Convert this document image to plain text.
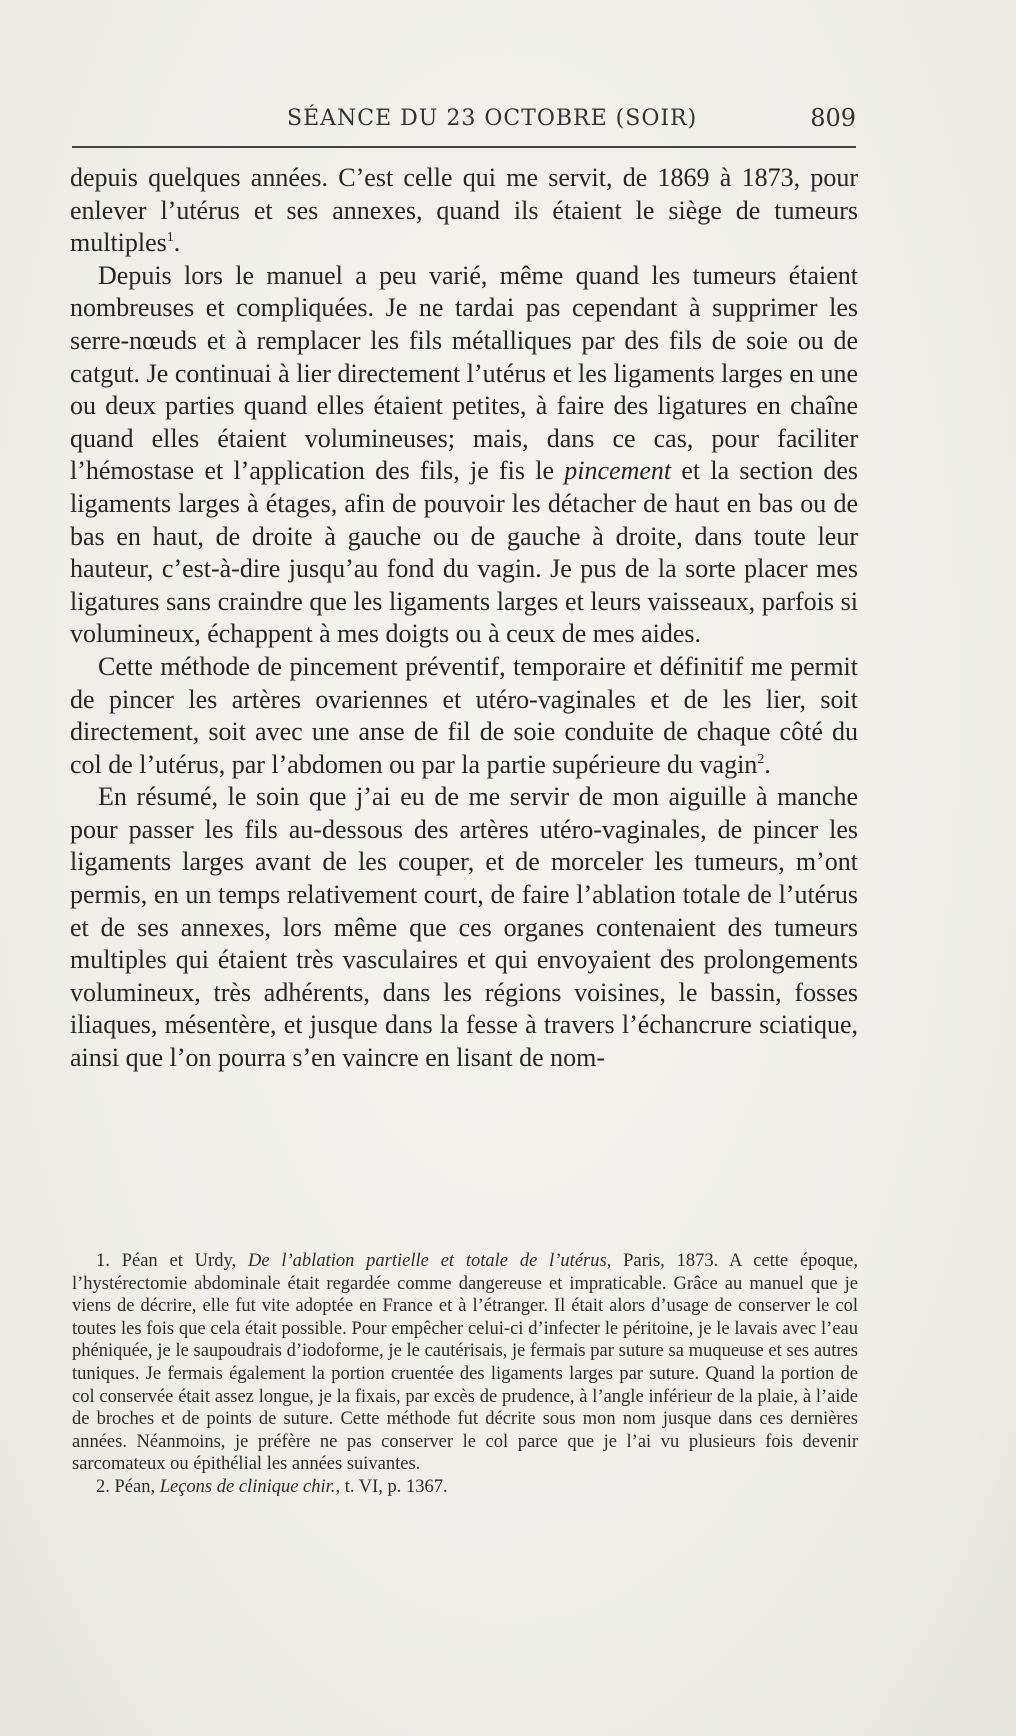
SÉANCE DU 23 OCTOBRE (SOIR)	809

depuis quelques années. C’est celle qui me servit, de 1869 à 1873, pour enlever l’utérus et ses annexes, quand ils étaient le siège de tumeurs multiples$^1$.

Depuis lors le manuel a peu varié, même quand les tumeurs étaient nombreuses et compliquées. Je ne tardai pas cependant à supprimer les serre-nœuds et à remplacer les fils métalliques par des fils de soie ou de catgut. Je continuai à lier directement l’utérus et les ligaments larges en une ou deux parties quand elles étaient petites, à faire des ligatures en chaîne quand elles étaient volumineuses; mais, dans ce cas, pour faciliter l’hémostase et l’application des fils, je fis le pincement et la section des ligaments larges à étages, afin de pouvoir les détacher de haut en bas ou de bas en haut, de droite à gauche ou de gauche à droite, dans toute leur hauteur, c’est-à-dire jusqu’au fond du vagin. Je pus de la sorte placer mes ligatures sans craindre que les ligaments larges et leurs vaisseaux, parfois si volumineux, échappent à mes doigts ou à ceux de mes aides.

Cette méthode de pincement préventif, temporaire et définitif me permit de pincer les artères ovariennes et utéro-vaginales et de les lier, soit directement, soit avec une anse de fil de soie conduite de chaque côté du col de l’utérus, par l’abdomen ou par la partie supérieure du vagin$^2$.

En résumé, le soin que j’ai eu de me servir de mon aiguille à manche pour passer les fils au-dessous des artères utéro-vaginales, de pincer les ligaments larges avant de les couper, et de morceler les tumeurs, m’ont permis, en un temps relativement court, de faire l’ablation totale de l’utérus et de ses annexes, lors même que ces organes contenaient des tumeurs multiples qui étaient très vasculaires et qui envoyaient des prolongements volumineux, très adhérents, dans les régions voisines, le bassin, fosses iliaques, mésentère, et jusque dans la fesse à travers l’échancrure sciatique, ainsi que l’on pourra s’en vaincre en lisant de nom-

1. Péan et Urdy, De l’ablation partielle et totale de l’utérus, Paris, 1873. A cette époque, l’hystérectomie abdominale était regardée comme dangereuse et impraticable. Grâce au manuel que je viens de décrire, elle fut vite adoptée en France et à l’étranger. Il était alors d’usage de conserver le col toutes les fois que cela était possible. Pour empêcher celui-ci d’infecter le péritoine, je le lavais avec l’eau phéniquée, je le saupoudrais d’iodoforme, je le cautérisais, je fermais par suture sa muqueuse et ses autres tuniques. Je fermais également la portion cruentée des ligaments larges par suture. Quand la portion de col conservée était assez longue, je la fixais, par excès de prudence, à l’angle inférieur de la plaie, à l’aide de broches et de points de suture. Cette méthode fut décrite sous mon nom jusque dans ces dernières années. Néanmoins, je préfère ne pas conserver le col parce que je l’ai vu plusieurs fois devenir sarcomateux ou épithélial les années suivantes.

2. Péan, Leçons de clinique chir., t. VI, p. 1367.
